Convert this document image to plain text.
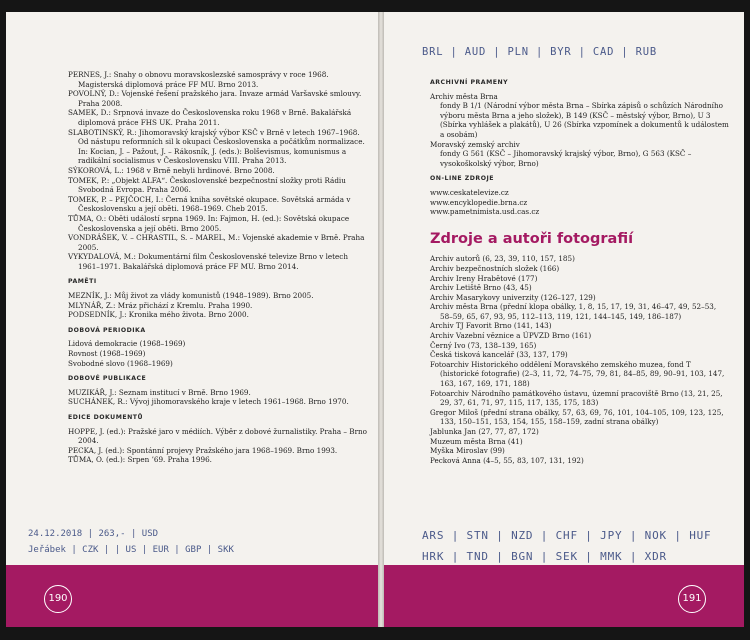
PERNES, J.: Snahy o obnovu moravskoslezské samosprávy v roce 1968. Magisterská diplomová práce FF MU. Brno 2013.
POVOLNÝ, D.: Vojenské řešení pražského jara. Invaze armád Varšavské smlouvy. Praha 2008.
SAMEK, D.: Srpnová invaze do Československa roku 1968 v Brně. Bakalářská diplomová práce FHS UK. Praha 2011.
SLABOTINSKÝ, R.: Jihomoravský krajský výbor KSČ v Brně v letech 1967–1968. Od nástupu reformních sil k okupaci Československa a počátkům normalizace. In: Kocian, J. – Pažout, J. – Rákosník, J. (eds.): Bolševismus, komunismus a radikální socialismus v Československu VIII. Praha 2013.
SÝKOROVÁ, L.: 1968 v Brně nebyli hrdinové. Brno 2008.
TOMEK, P.: „Objekt ALFA“. Československé bezpečnostní složky proti Rádiu Svobodná Evropa. Praha 2006.
TOMEK, P. – PEJČOCH, I.: Černá kniha sovětské okupace. Sovětská armáda v Československu a její oběti. 1968–1969. Cheb 2015.
TŮMA, O.: Oběti událostí srpna 1969. In: Fajmon, H. (ed.): Sovětská okupace Československa a její oběti. Brno 2005.
VONDRÁŠEK, V. – CHRASTIL, S. – MAREL, M.: Vojenské akademie v Brně. Praha 2005.
VYKYDALOVÁ, M.: Dokumentární film Československé televize Brno v letech 1961–1971. Bakalářská diplomová práce FF MU. Brno 2014.
PAMĚTI
MEZNÍK, J.: Můj život za vlády komunistů (1948–1989). Brno 2005.
MLYNÁŘ, Z.: Mráz přichází z Kremlu. Praha 1990.
PODSEDNÍK, J.: Kronika mého života. Brno 2000.
DOBOVÁ PERIODIKA
Lidová demokracie (1968–1969)
Rovnost (1968–1969)
Svobodné slovo (1968–1969)
DOBOVÉ PUBLIKACE
MUZIKÁŘ, J.: Seznam institucí v Brně. Brno 1969.
SUCHÁNEK, R.: Vývoj jihomoravského kraje v letech 1961–1968. Brno 1970.
EDICE DOKUMENTŮ
HOPPE, J. (ed.): Pražské jaro v médiích. Výběr z dobové žurnalistiky. Praha – Brno 2004.
PECKA, J. (ed.): Spontánní projevy Pražského jara 1968–1969. Brno 1993.
TŮMA, O. (ed.): Srpen ’69. Praha 1996.
24.12.2018 | 263,- | USD
Jeřábek | CZK | | US | EUR | GBP | SKK
190
BRL | AUD | PLN | BYR | CAD | RUB
ARCHIVNÍ PRAMENY
Archiv města Brna
fondy B 1/1 (Národní výbor města Brna – Sbírka zápisů o schůzích Národního výboru města Brna a jeho složek), B 149 (KSČ – městský výbor, Brno), U 3 (Sbírka vyhlášek a plakátů), U 26 (Sbírka vzpomínek a dokumentů k událostem a osobám)
Moravský zemský archiv
fondy G 561 (KSČ – Jihomoravský krajský výbor, Brno), G 563 (KSČ – vysokoškolský výbor, Brno)
ON-LINE ZDROJE
www.ceskatelevize.cz
www.encyklopedie.brna.cz
www.pametnimista.usd.cas.cz
Zdroje a autoři fotografií
Archiv autorů (6, 23, 39, 110, 157, 185)
Archiv bezpečnostních složek (166)
Archiv Ireny Hrabětové (177)
Archiv Letiště Brno (43, 45)
Archiv Masarykovy univerzity (126–127, 129)
Archiv města Brna (přední klopa obálky, 1, 8, 15, 17, 19, 31, 46–47, 49, 52–53, 58–59, 65, 67, 93, 95, 112–113, 119, 121, 144–145, 149, 186–187)
Archiv TJ Favorit Brno (141, 143)
Archiv Vazební věznice a ÚPVZD Brno (161)
Černý Ivo (73, 138–139, 165)
Česká tisková kancelář (33, 137, 179)
Fotoarchiv Historického oddělení Moravského zemského muzea, fond T (historické fotografie) (2–3, 11, 72, 74–75, 79, 81, 84–85, 89, 90–91, 103, 147, 163, 167, 169, 171, 188)
Fotoarchiv Národního památkového ústavu, územní pracoviště Brno (13, 21, 25, 29, 37, 61, 71, 97, 115, 117, 135, 175, 183)
Gregor Miloš (přední strana obálky, 57, 63, 69, 76, 101, 104–105, 109, 123, 125, 133, 150–151, 153, 154, 155, 158–159, zadní strana obálky)
Jablunka Jan (27, 77, 87, 172)
Muzeum města Brna (41)
Myška Miroslav (99)
Pecková Anna (4–5, 55, 83, 107, 131, 192)
ARS | STN | NZD | CHF | JPY | NOK | HUF
HRK | TND | BGN | SEK | MMK | XDR
191
